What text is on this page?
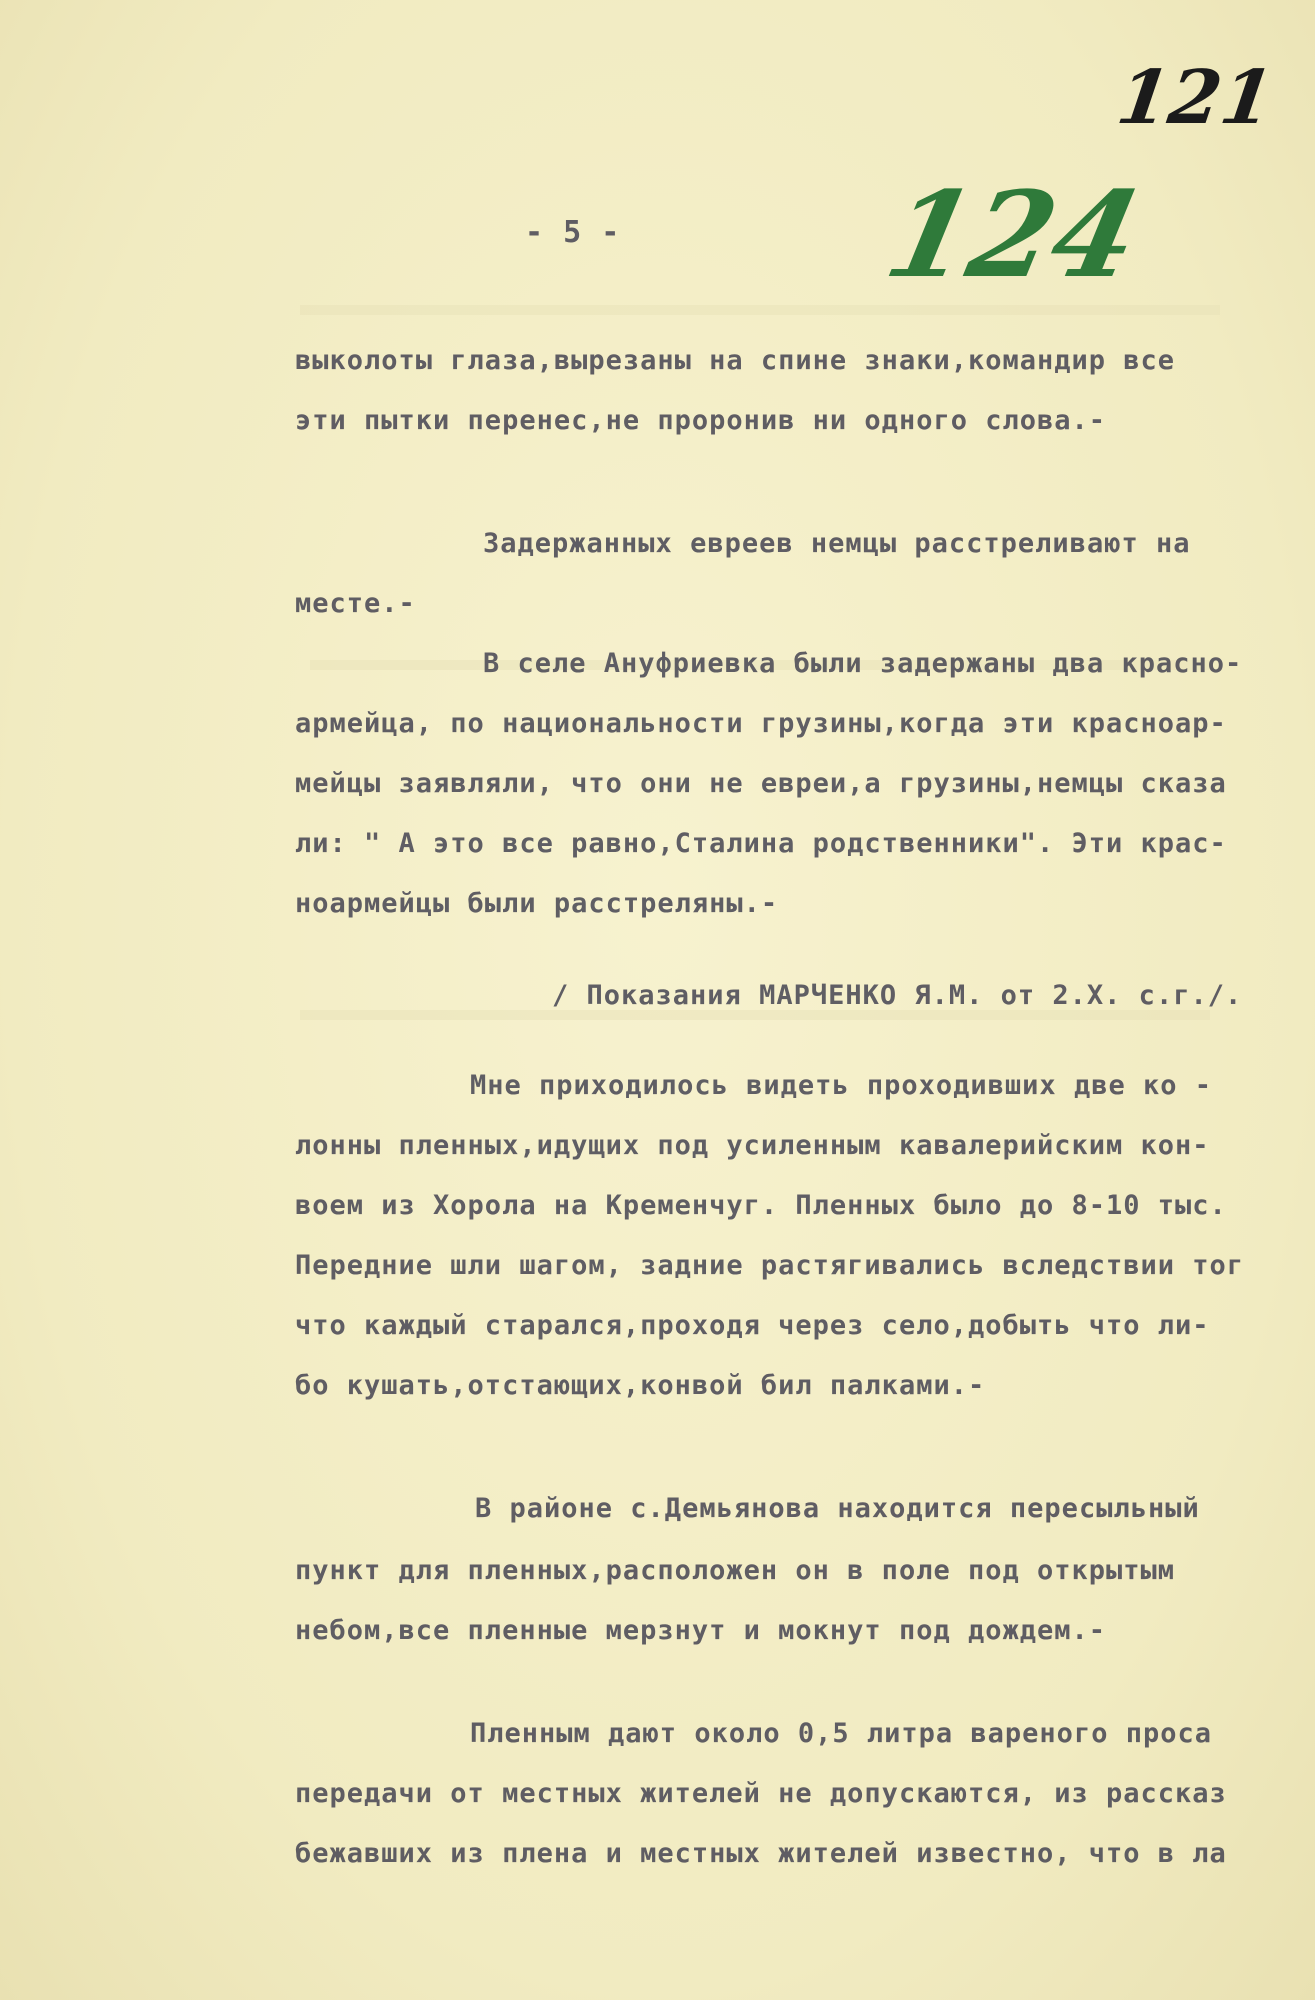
121
124
- 5 -
выколоты глаза,вырезаны на спине знаки,командир все
эти пытки перенес,не проронив ни одного слова.-
Задержанных евреев немцы расстреливают на
месте.-
В селе Ануфриевка были задержаны два красно-
армейца, по национальности грузины,когда эти красноар-
мейцы заявляли, что они не евреи,а грузины,немцы сказа
ли: " А это все равно,Сталина родственники". Эти крас-
ноармейцы были расстреляны.-
/ Показания МАРЧЕНКО Я.М. от 2.Х. с.г./.
Мне приходилось видеть проходивших две ко -
лонны пленных,идущих под усиленным кавалерийским кон-
воем из Хорола на Кременчуг. Пленных было до 8-10 тыс.
Передние шли шагом, задние растягивались вследствии тог
что каждый старался,проходя через село,добыть что ли-
бо кушать,отстающих,конвой бил палками.-
В районе с.Демьянова находится пересыльный
пункт для пленных,расположен он в поле под открытым
небом,все пленные мерзнут и мокнут под дождем.-
Пленным дают около 0,5 литра вареного проса
передачи от местных жителей не допускаются, из рассказ
бежавших из плена и местных жителей известно, что в ла
